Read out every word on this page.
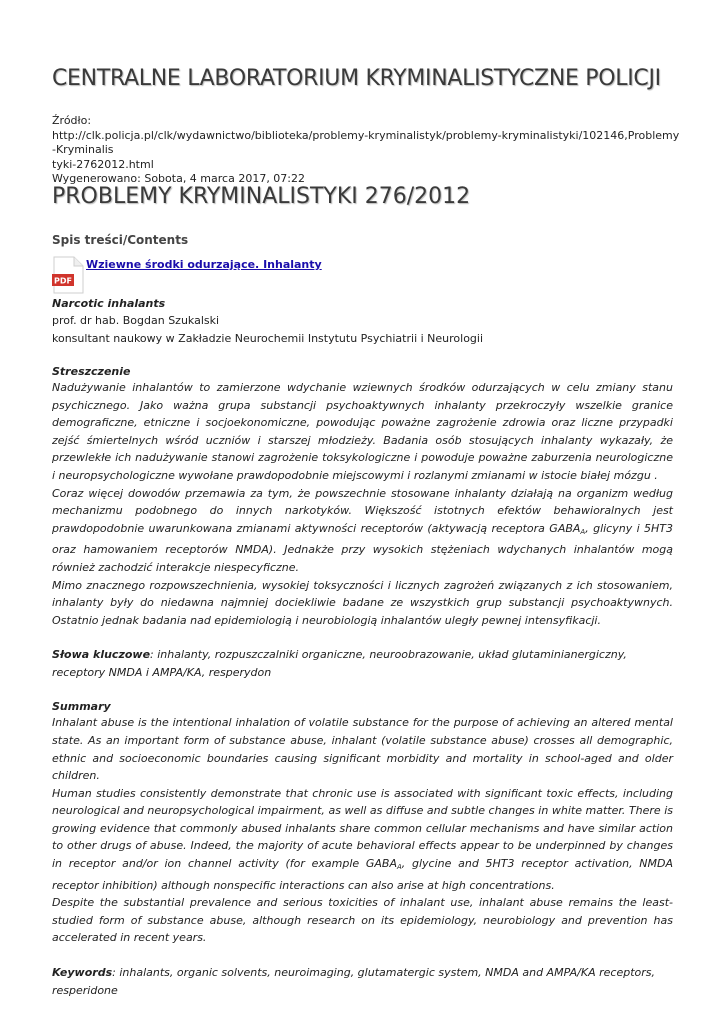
CENTRALNE LABORATORIUM KRYMINALISTYCZNE POLICJI
Źródło:
http://clk.policja.pl/clk/wydawnictwo/biblioteka/problemy-kryminalistyk/problemy-kryminalistyki/102146,Problemy-Kryminalis
tyki-2762012.html
Wygenerowano: Sobota, 4 marca 2017, 07:22
PROBLEMY KRYMINALISTYKI 276/2012
Spis treści/Contents
PDF
Wziewne środki odurzające. Inhalanty

Narcotic inhalants

prof. dr hab. Bogdan Szukalski

konsultant naukowy w Zakładzie Neurochemii Instytutu Psychiatrii i Neurologii

Streszczenie

Nadużywanie inhalantów to zamierzone wdychanie wziewnych środków odurzających w celu zmiany stanu psychicznego. Jako ważna grupa substancji psychoaktywnych inhalanty przekroczyły wszelkie granice demograficzne, etniczne i socjoekonomiczne, powodując poważne zagrożenie zdrowia oraz liczne przypadki zejść śmiertelnych wśród uczniów i starszej młodzieży. Badania osób stosujących inhalanty wykazały, że przewlekłe ich nadużywanie stanowi zagrożenie toksykologiczne i powoduje poważne zaburzenia neurologiczne i neuropsychologiczne wywołane prawdopodobnie miejscowymi i rozlanymi zmianami w istocie białej mózgu .

Coraz więcej dowodów przemawia za tym, że powszechnie stosowane inhalanty działają na organizm według mechanizmu podobnego do innych narkotyków. Większość istotnych efektów behawioralnych jest prawdopodobnie uwarunkowana zmianami aktywności receptorów (aktywacją receptora $GABA_A$, glicyny i 5HT3 oraz hamowaniem receptorów NMDA). Jednakże przy wysokich stężeniach wdychanych inhalantów mogą również zachodzić interakcje niespecyficzne.

Mimo znacznego rozpowszechnienia, wysokiej toksyczności i licznych zagrożeń związanych z ich stosowaniem, inhalanty były do niedawna najmniej dociekliwie badane ze wszystkich grup substancji psychoaktywnych. Ostatnio jednak badania nad epidemiologią i neurobiologią inhalantów uległy pewnej intensyfikacji.

Słowa kluczowe: inhalanty, rozpuszczalniki organiczne, neuroobrazowanie, układ glutaminianergiczny, receptory NMDA i AMPA/KA, resperydon

Summary

Inhalant abuse is the intentional inhalation of volatile substance for the purpose of achieving an altered mental state. As an important form of substance abuse, inhalant (volatile substance abuse) crosses all demographic, ethnic and socioeconomic boundaries causing significant morbidity and mortality in school-aged and older children.

Human studies consistently demonstrate that chronic use is associated with significant toxic effects, including neurological and neuropsychological impairment, as well as diffuse and subtle changes in white matter. There is growing evidence that commonly abused inhalants share common cellular mechanisms and have similar action to other drugs of abuse. Indeed, the majority of acute behavioral effects appear to be underpinned by changes in receptor and/or ion channel activity (for example $GABA_A$, glycine and 5HT3 receptor activation, NMDA receptor inhibition) although nonspecific interactions can also arise at high concentrations.

Despite the substantial prevalence and serious toxicities of inhalant use, inhalant abuse remains the least-studied form of substance abuse, although research on its epidemiology, neurobiology and prevention has accelerated in recent years.

Keywords: inhalants, organic solvents, neuroimaging, glutamatergic system, NMDA and AMPA/KA receptors, resperidone
